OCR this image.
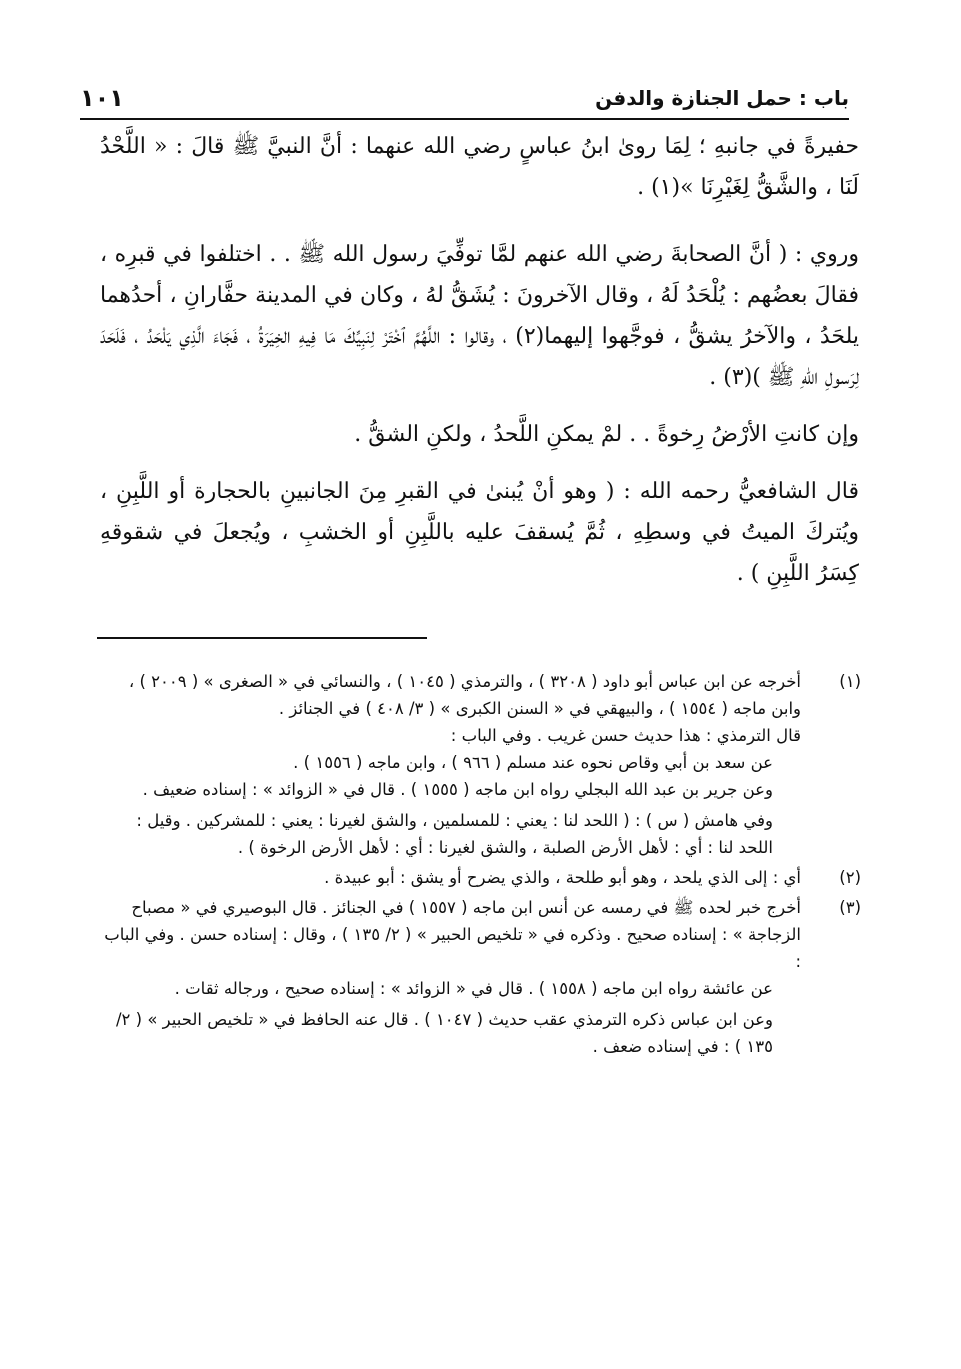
باب : حمل الجنازة والدفن
١٠١

حفيرةً في جانبهِ ؛ لِمَا روىٰ ابنُ عباسٍ رضي الله عنهما : أنَّ النبيَّ ﷺ قالَ : « اللَّحْدُ لَنَا ، والشَّقُّ لِغَيْرِنَا »(١) .

وروي : ( أنَّ الصحابةَ رضي الله عنهم لمَّا توفِّيَ رسول الله ﷺ . . اختلفوا في قبرِه ، فقالَ بعضُهم : يُلْحَدُ لَهُ ، وقال الآخرونَ : يُشَقُّ لهُ ، وكان في المدينة حفَّارانِ ، أحدُهما يلحَدُ ، والآخرُ يشقُّ ، فوجَّهوا إليهما(٢) ، وقالوا : اللَّهُمَّ ٱخْتَرْ لِنَبِيِّكَ مَا فِيهِ الخِيَرَةُ ، فَجَاءَ الَّذِي يَلْحَدُ ، فَلَحَدَ لِرَسولِ اللهِ ﷺ )(٣) .

وإن كانتِ الأرْضُ رِخوةً . . لمْ يمكنِ اللَّحدُ ، ولكنِ الشقُّ .

قال الشافعيُّ رحمه الله : ( وهو أنْ يُبنىٰ في القبرِ مِنَ الجانبينِ بالحجارة أو اللَّبِنِ ، ويُتركَ الميتُ في وسطِهِ ، ثُمَّ يُسقفَ عليه باللَّبِنِ أو الخشبِ ، ويُجعلَ في شقوقهِ كِسَرُ اللَّبِنِ ) .

(١)

أخرجه عن ابن عباس أبو داود ( ٣٢٠٨ ) ، والترمذي ( ١٠٤٥ ) ، والنسائي في « الصغرى » ( ٢٠٠٩ ) ، وابن ماجه ( ١٥٥٤ ) ، والبيهقي في « السنن الكبرى » ( ٣/ ٤٠٨ ) في الجنائز .

قال الترمذي : هذا حديث حسن غريب . وفي الباب :

عن سعد بن أبي وقاص نحوه عند مسلم ( ٩٦٦ ) ، وابن ماجه ( ١٥٥٦ ) .

وعن جرير بن عبد الله البجلي رواه ابن ماجه ( ١٥٥٥ ) . قال في « الزوائد » : إسناده ضعيف .

وفي هامش ( س ) : ( اللحد لنا : يعني : للمسلمين ، والشق لغيرنا : يعني : للمشركين . وقيل : اللحد لنا : أي : لأهل الأرض الصلبة ، والشق لغيرنا : أي : لأهل الأرض الرخوة ) .

(٢)

أي : إلى الذي يلحد ، وهو أبو طلحة ، والذي يضرح أو يشق : أبو عبيدة .

(٣)

أخرج خبر لحده ﷺ في رمسه عن أنس ابن ماجه ( ١٥٥٧ ) في الجنائز . قال البوصيري في « مصباح الزجاجة » : إسناده صحيح . وذكره في « تلخيص الحبير » ( ٢/ ١٣٥ ) ، وقال : إسناده حسن . وفي الباب :

عن عائشة رواه ابن ماجه ( ١٥٥٨ ) . قال في « الزوائد » : إسناده صحيح ، ورجاله ثقات .

وعن ابن عباس ذكره الترمذي عقب حديث ( ١٠٤٧ ) . قال عنه الحافظ في « تلخيص الحبير » ( ٢/ ١٣٥ ) : في إسناده ضعف .
